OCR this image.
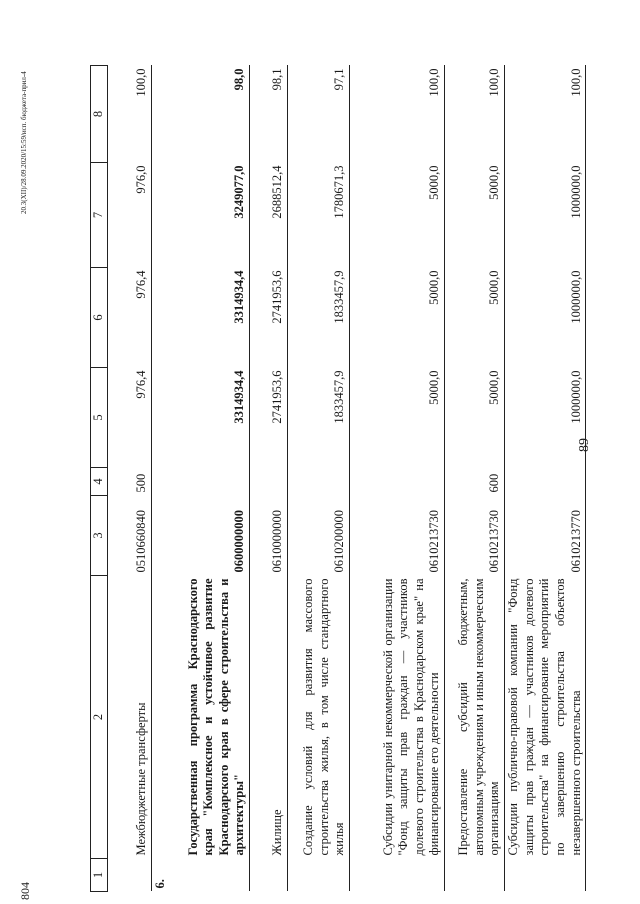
89
20.3(XII)/28.09.2020/15:59/исп. бюджета-прил-4
804
1	2	3	4	5	6	7	8
	Межбюджетные трансферты	0510660840	500	976,4	976,4	976,0	100,0
6.	Государственная программа Краснодарского края "Комплексное и устойчивое развитие Краснодарского края в сфере строительства и архитектуры"	0600000000		3314934,4	3314934,4	3249077,0	98,0
	Жилище	0610000000		2741953,6	2741953,6	2688512,4	98,1
	Создание условий для развития массового строительства жилья, в том числе стандартного жилья	0610200000		1833457,9	1833457,9	1780671,3	97,1
	Субсидии унитарной некоммерческой организации "Фонд защиты прав граждан — участников долевого строительства в Краснодарском крае" на финансирование его деятельности	0610213730		5000,0	5000,0	5000,0	100,0
	Предоставление субсидий бюджетным, автономным учреждениям и иным некоммерческим организациям	0610213730	600	5000,0	5000,0	5000,0	100,0
	Субсидии публично-правовой компании "Фонд защиты прав граждан — участников долевого строительства" на финансирование мероприятий по завершению строительства объектов незавершенного строительства	0610213770		1000000,0	1000000,0	1000000,0	100,0
